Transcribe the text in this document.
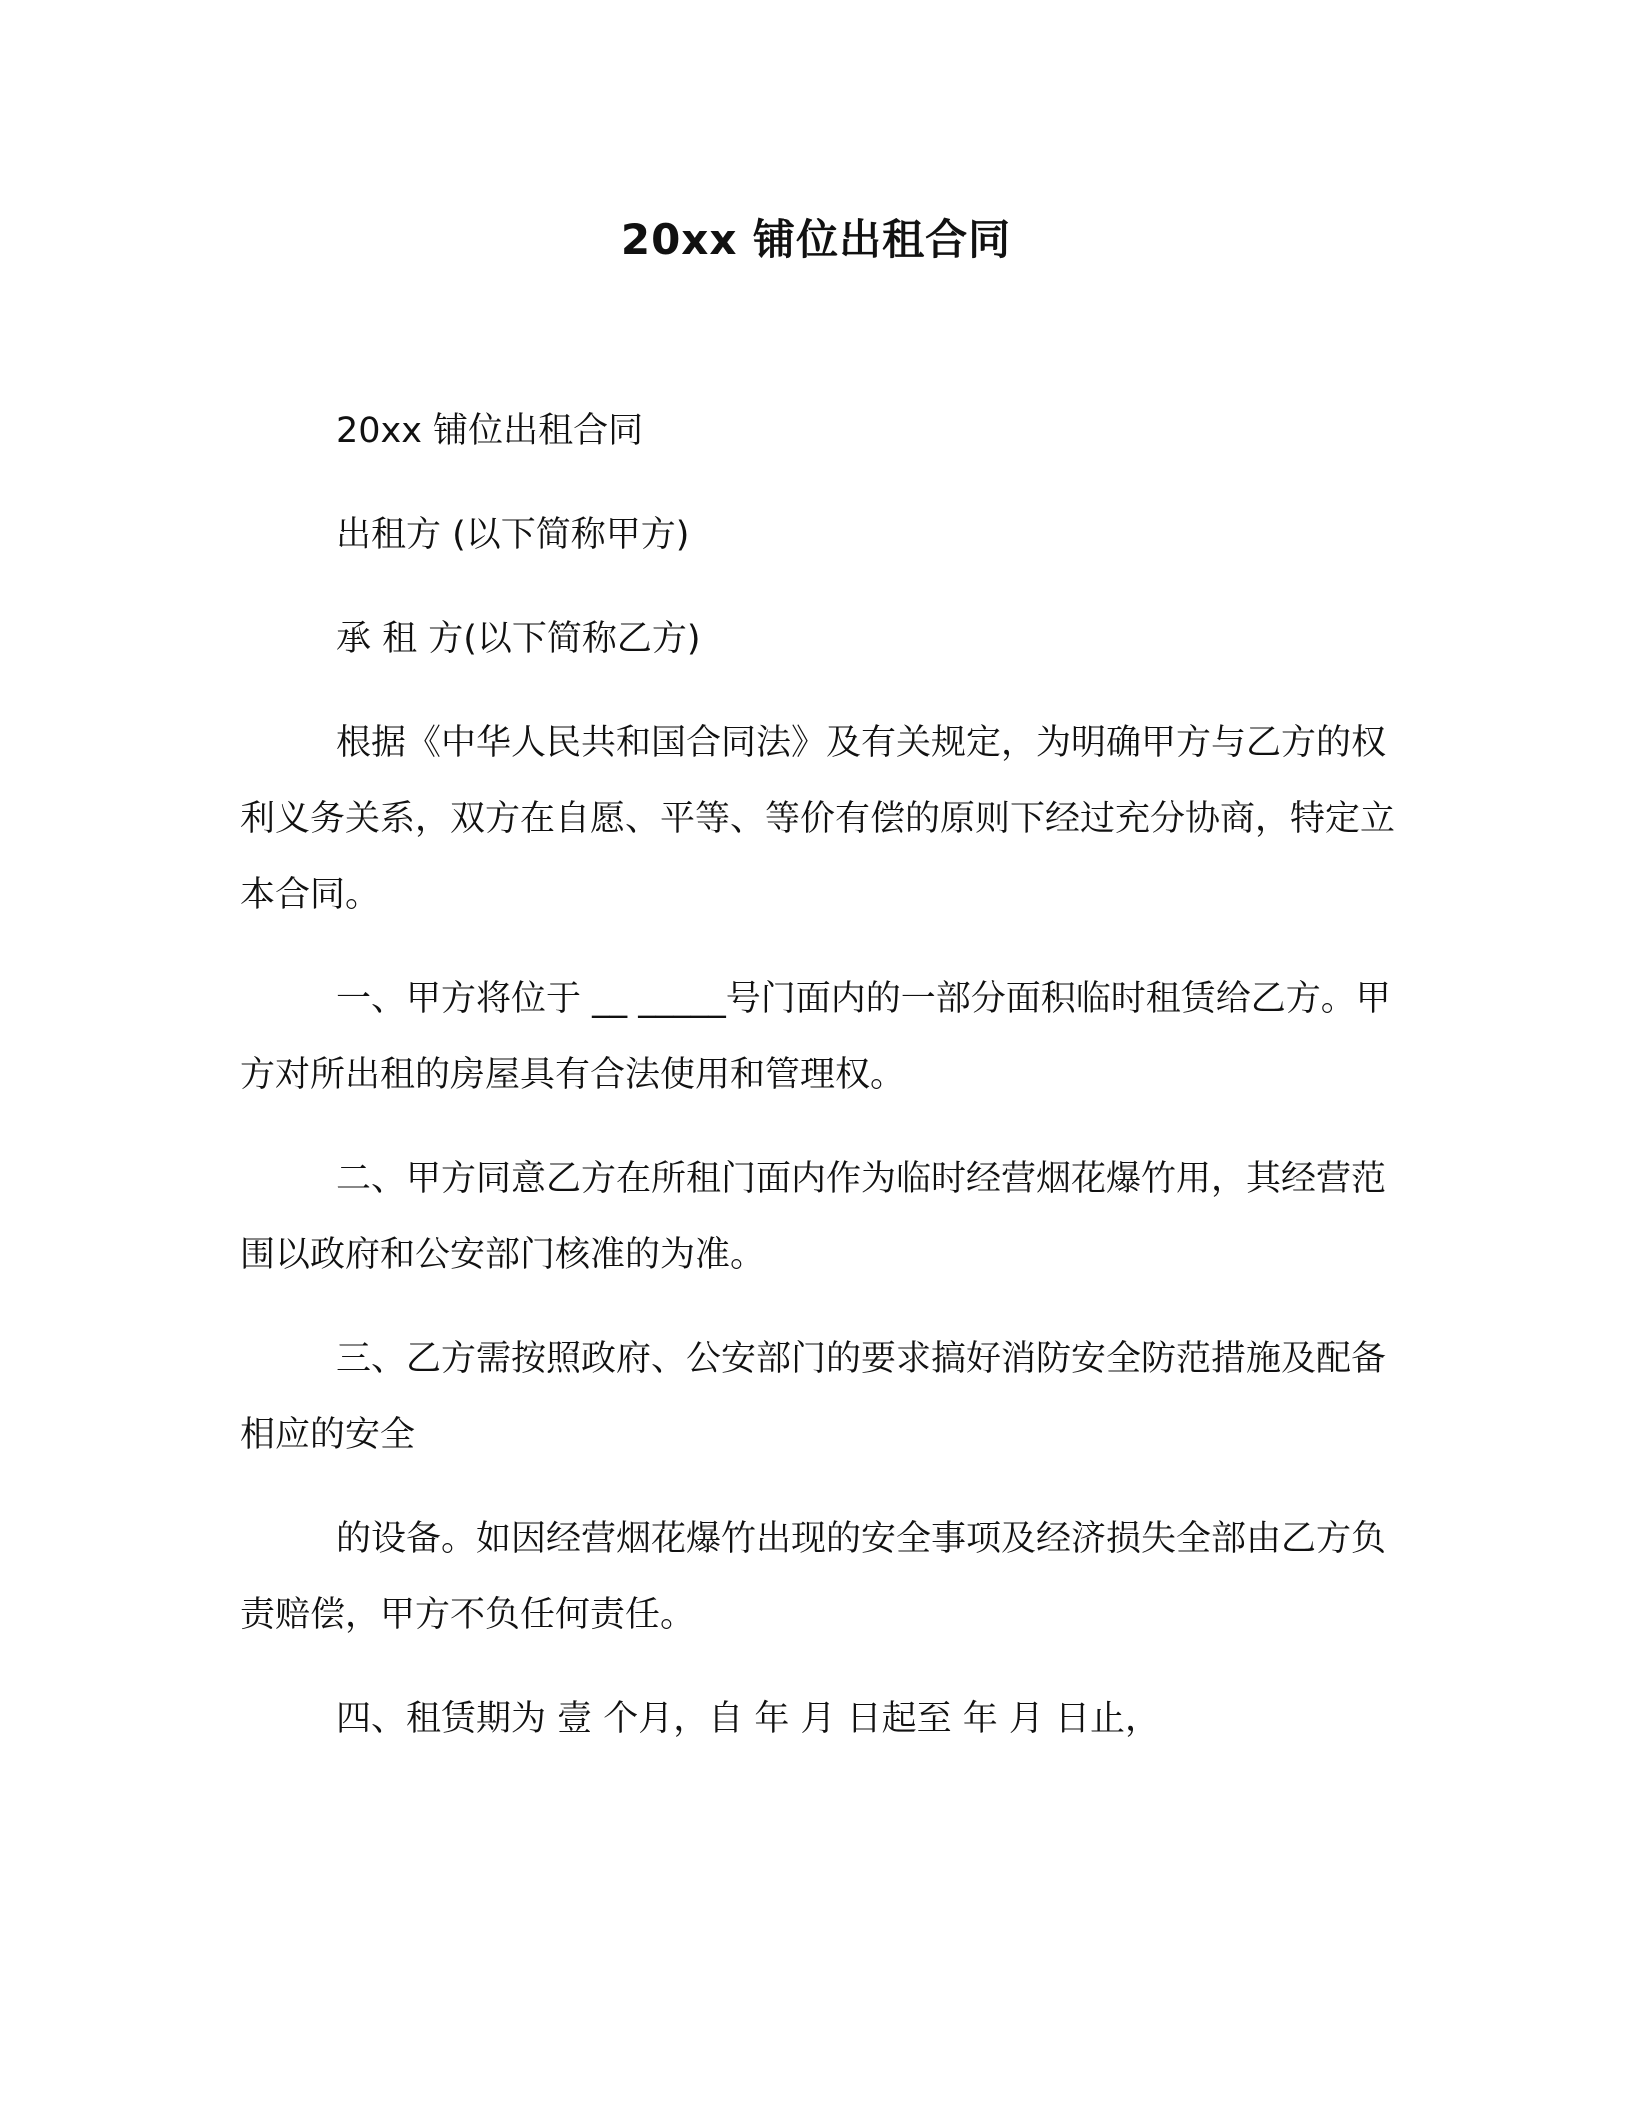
20xx 铺位出租合同

20xx 铺位出租合同

出租方 (以下简称甲方)

承 租 方(以下简称乙方)

根据《中华人民共和国合同法》及有关规定，为明确甲方与乙方的权利义务关系，双方在自愿、平等、等价有偿的原则下经过充分协商，特定立本合同。

一、甲方将位于 __ _____号门面内的一部分面积临时租赁给乙方。甲方对所出租的房屋具有合法使用和管理权。

二、甲方同意乙方在所租门面内作为临时经营烟花爆竹用，其经营范围以政府和公安部门核准的为准。

三、乙方需按照政府、公安部门的要求搞好消防安全防范措施及配备相应的安全

的设备。如因经营烟花爆竹出现的安全事项及经济损失全部由乙方负责赔偿，甲方不负任何责任。

四、租赁期为 壹 个月，自 年 月 日起至 年 月 日止，
